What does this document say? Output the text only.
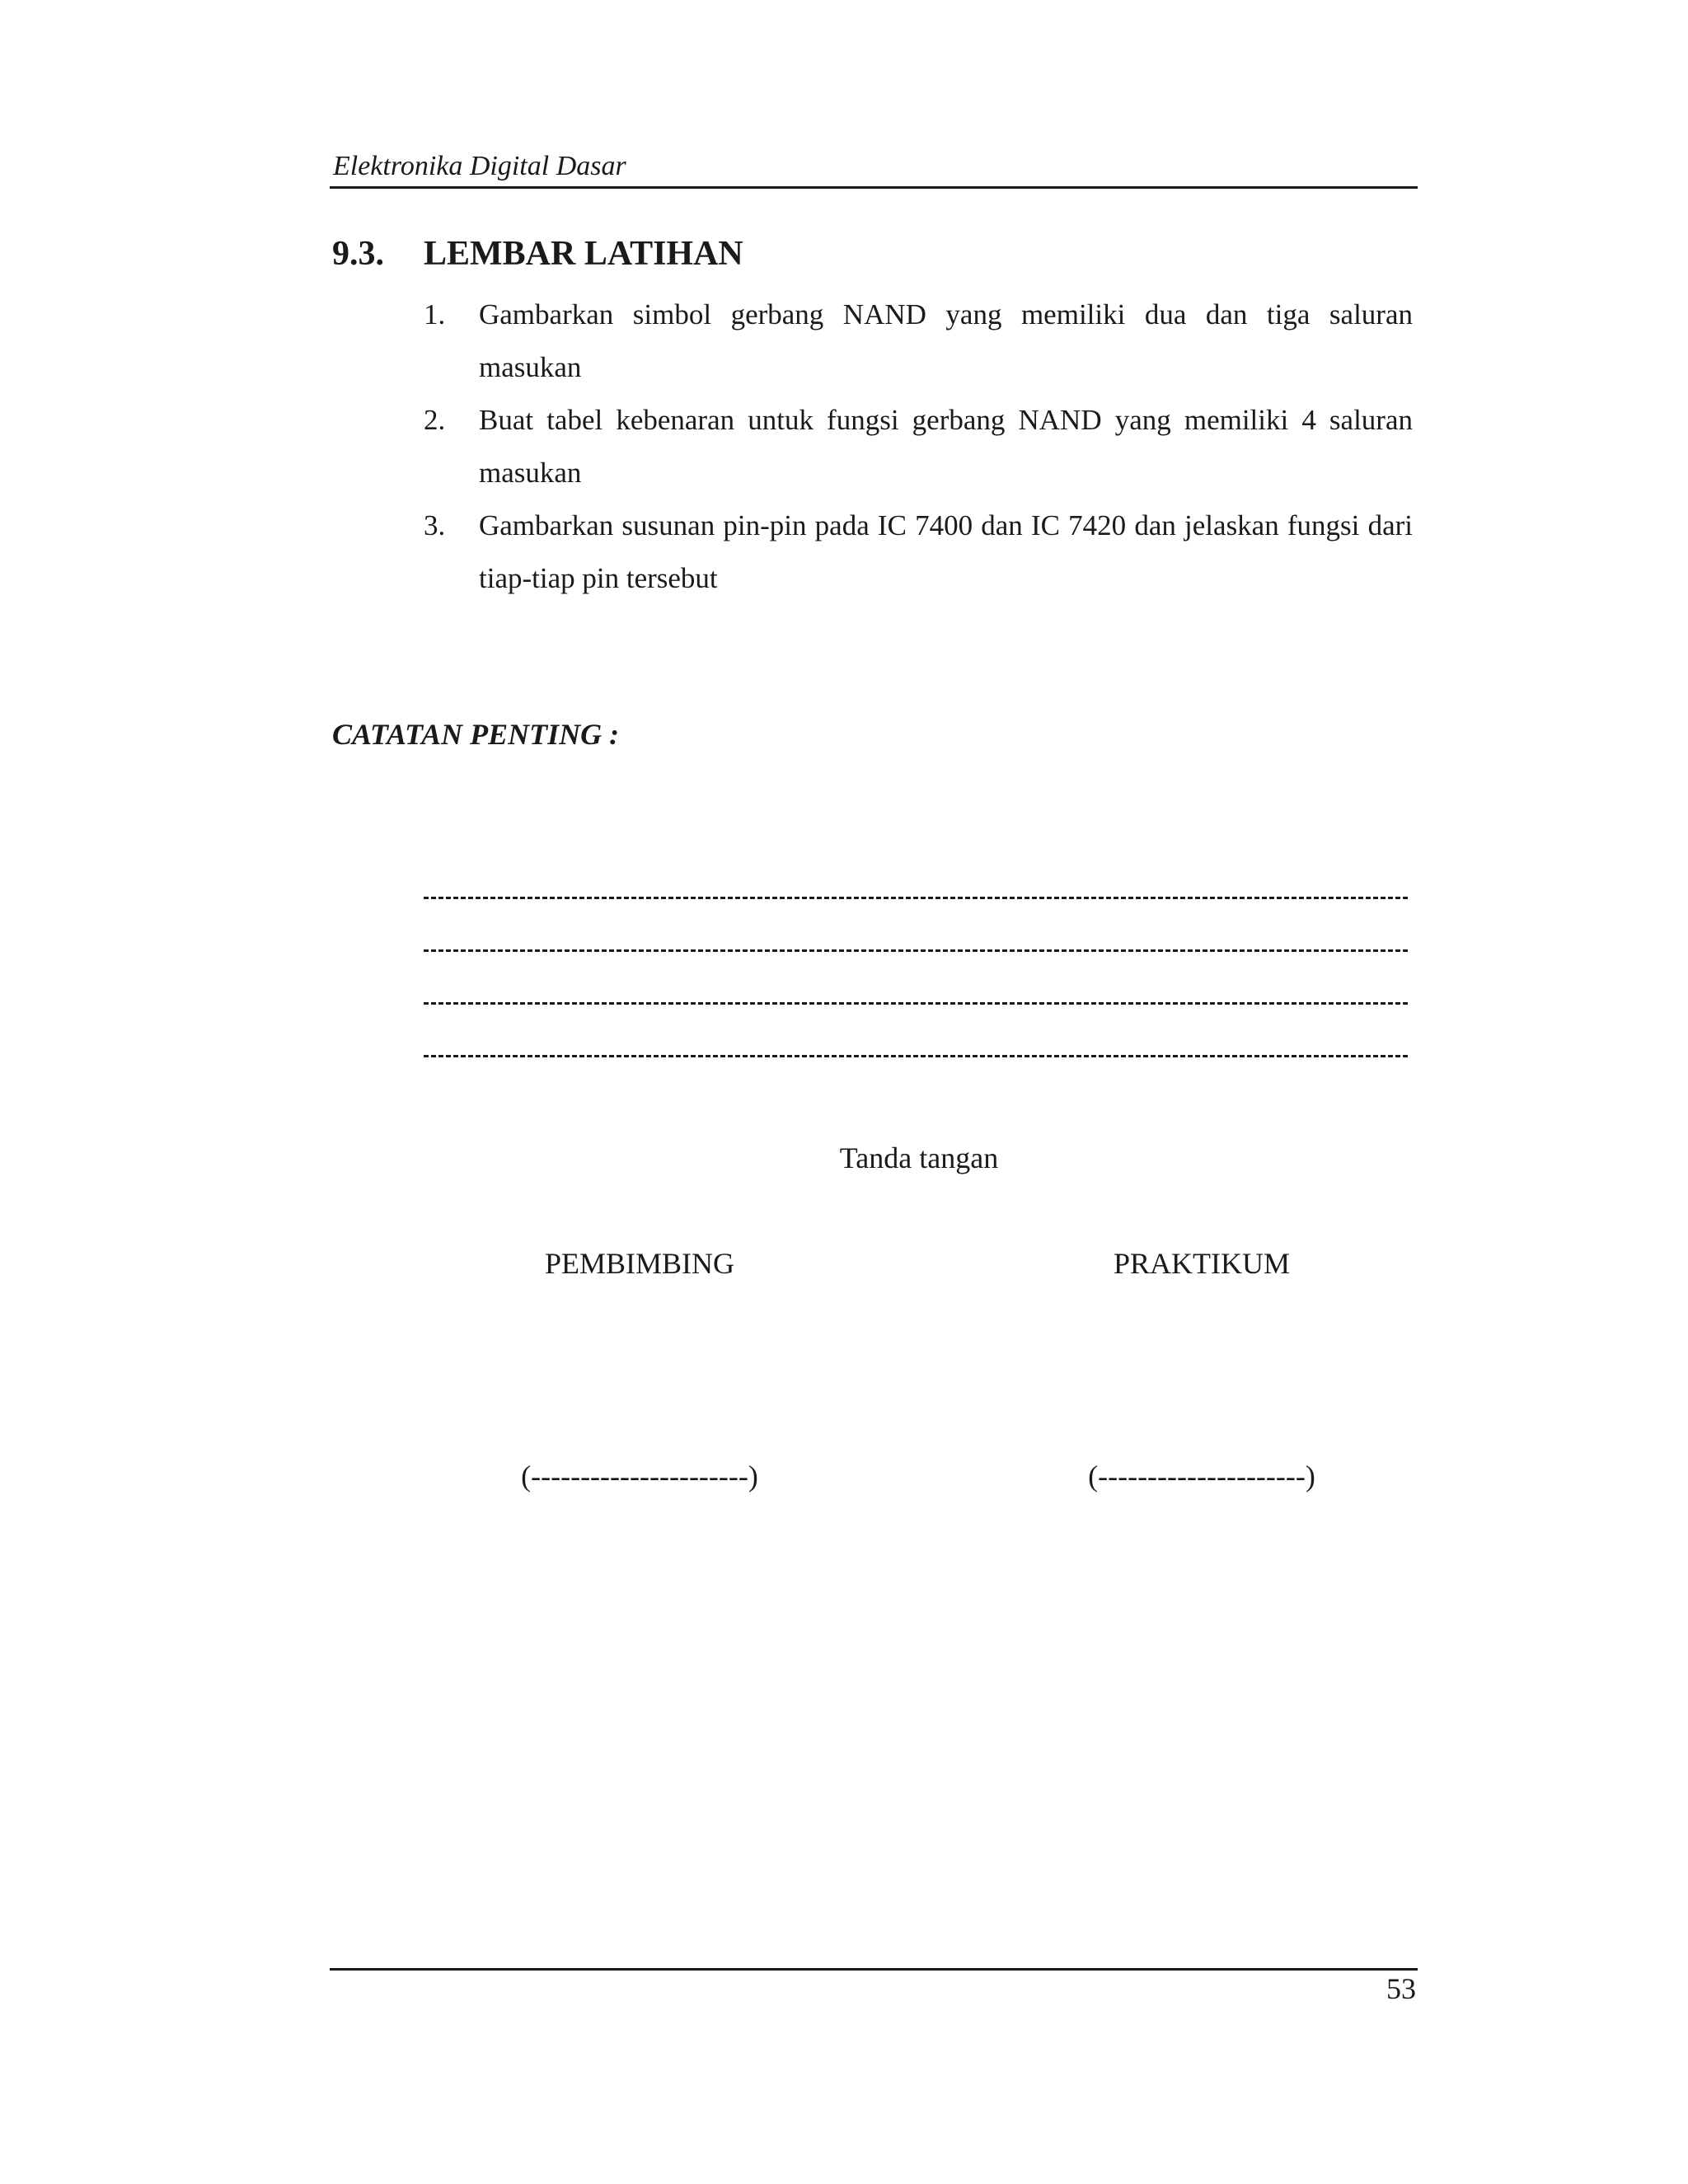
Elektronika Digital Dasar
9.3. LEMBAR LATIHAN
1. Gambarkan simbol gerbang NAND yang memiliki dua dan tiga saluran masukan
2. Buat tabel kebenaran untuk fungsi gerbang NAND yang memiliki 4 saluran masukan
3. Gambarkan susunan pin-pin pada IC 7400 dan IC 7420 dan jelaskan fungsi dari tiap-tiap pin tersebut
CATATAN PENTING :
Tanda tangan
PEMBIMBING	PRAKTIKUM
(----------------------)	(---------------------)
53
